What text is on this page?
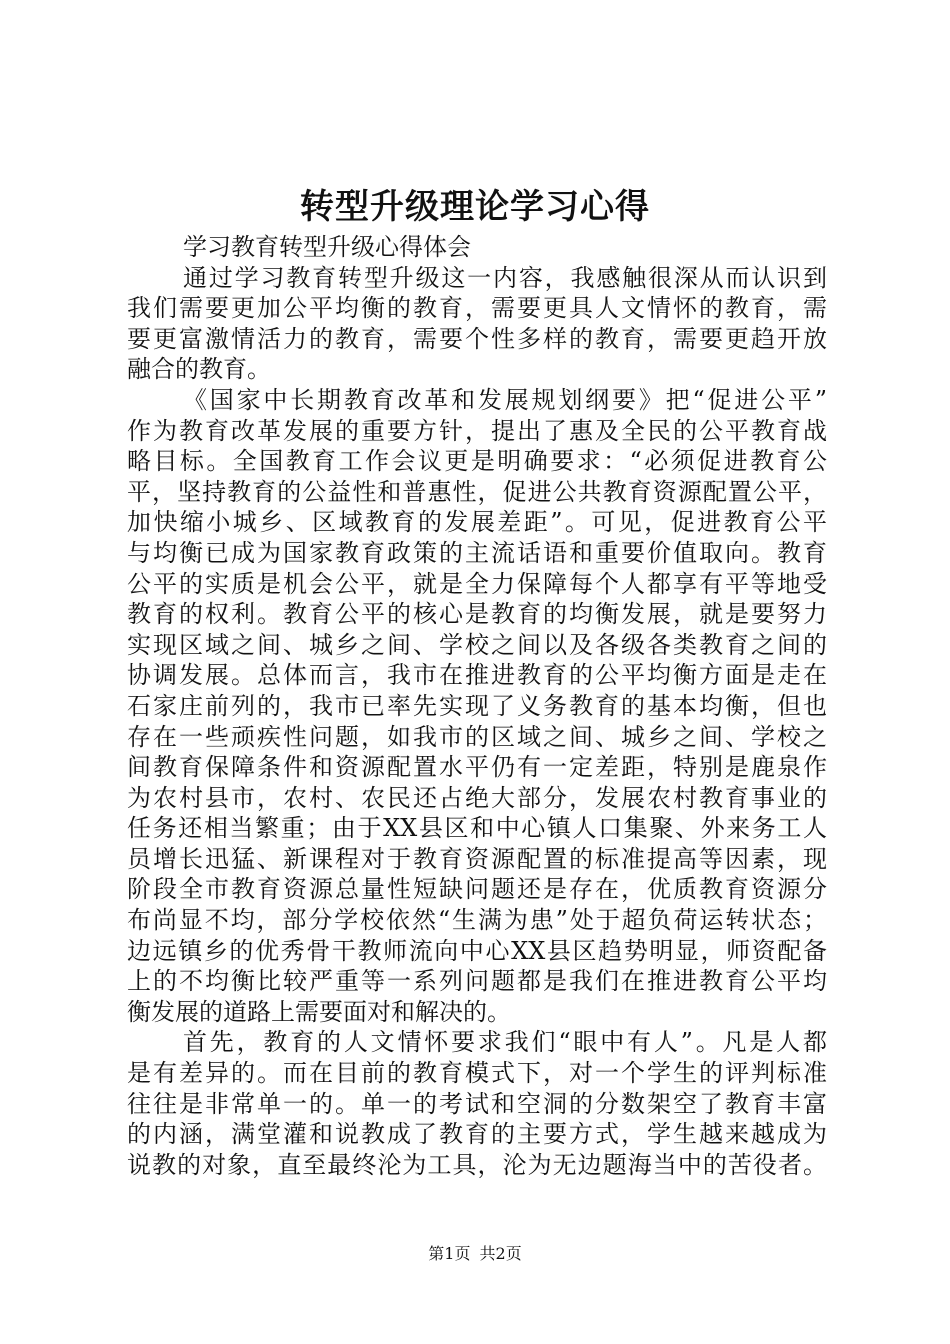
转型升级理论学习心得
学习教育转型升级心得体会
通过学习教育转型升级这一内容，我感触很深从而认识到
我们需要更加公平均衡的教育，需要更具人文情怀的教育，需
要更富激情活力的教育，需要个性多样的教育，需要更趋开放
融合的教育。
《国家中长期教育改革和发展规划纲要》把“促进公平”
作为教育改革发展的重要方针，提出了惠及全民的公平教育战
略目标。全国教育工作会议更是明确要求：“必须促进教育公
平，坚持教育的公益性和普惠性，促进公共教育资源配置公平，
加快缩小城乡、区域教育的发展差距”。可见，促进教育公平
与均衡已成为国家教育政策的主流话语和重要价值取向。教育
公平的实质是机会公平，就是全力保障每个人都享有平等地受
教育的权利。教育公平的核心是教育的均衡发展，就是要努力
实现区域之间、城乡之间、学校之间以及各级各类教育之间的
协调发展。总体而言，我市在推进教育的公平均衡方面是走在
石家庄前列的，我市已率先实现了义务教育的基本均衡，但也
存在一些顽疾性问题，如我市的区域之间、城乡之间、学校之
间教育保障条件和资源配置水平仍有一定差距，特别是鹿泉作
为农村县市，农村、农民还占绝大部分，发展农村教育事业的
任务还相当繁重；由于XX县区和中心镇人口集聚、外来务工人
员增长迅猛、新课程对于教育资源配置的标准提高等因素，现
阶段全市教育资源总量性短缺问题还是存在，优质教育资源分
布尚显不均，部分学校依然“生满为患”处于超负荷运转状态；
边远镇乡的优秀骨干教师流向中心XX县区趋势明显，师资配备
上的不均衡比较严重等一系列问题都是我们在推进教育公平均
衡发展的道路上需要面对和解决的。
首先，教育的人文情怀要求我们“眼中有人”。凡是人都
是有差异的。而在目前的教育模式下，对一个学生的评判标准
往往是非常单一的。单一的考试和空洞的分数架空了教育丰富
的内涵，满堂灌和说教成了教育的主要方式，学生越来越成为
说教的对象，直至最终沦为工具，沦为无边题海当中的苦役者。
第1页 共2页
